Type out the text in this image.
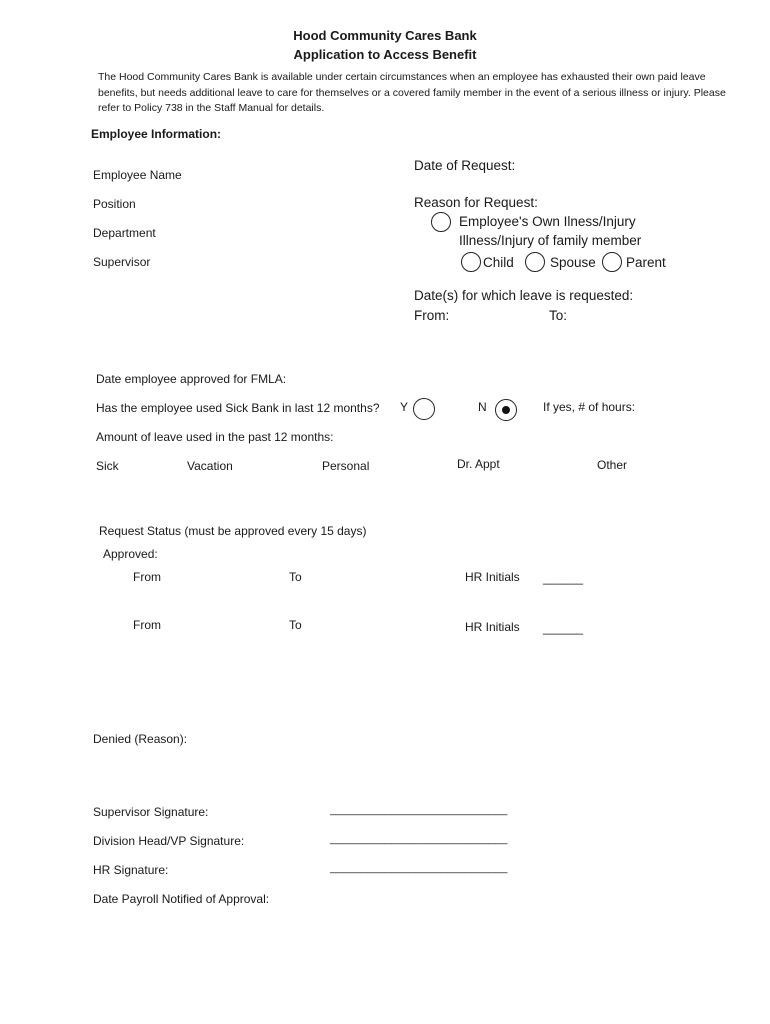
Hood Community Cares Bank
Application to Access Benefit
The Hood Community Cares Bank is available under certain circumstances when an employee has exhausted their own paid leave benefits, but needs additional leave to care for themselves or a covered family member in the event of a serious illness or injury. Please refer to Policy 738 in the Staff Manual for details.
Employee Information:
Employee Name
Position
Department
Supervisor
Date of Request:
Reason for Request:
Employee's Own Ilness/Injury
Illness/Injury of family member
Child	Spouse Parent
Date(s) for which leave is requested:
From:	To:
Date employee approved for FMLA:
Has the employee used Sick Bank in last 12 months? Y	N	If yes, # of hours:
Amount of leave used in the past 12 months:
Sick	Vacation	Personal	Dr. Appt	Other
Request Status (must be approved every 15 days)
Approved:
From	To	HR Initials ______
From	To	HR Initials ______
Denied (Reason):
Supervisor Signature:	_____________________________
Division Head/VP Signature:	_____________________________
HR Signature:	_____________________________
Date Payroll Notified of Approval:
